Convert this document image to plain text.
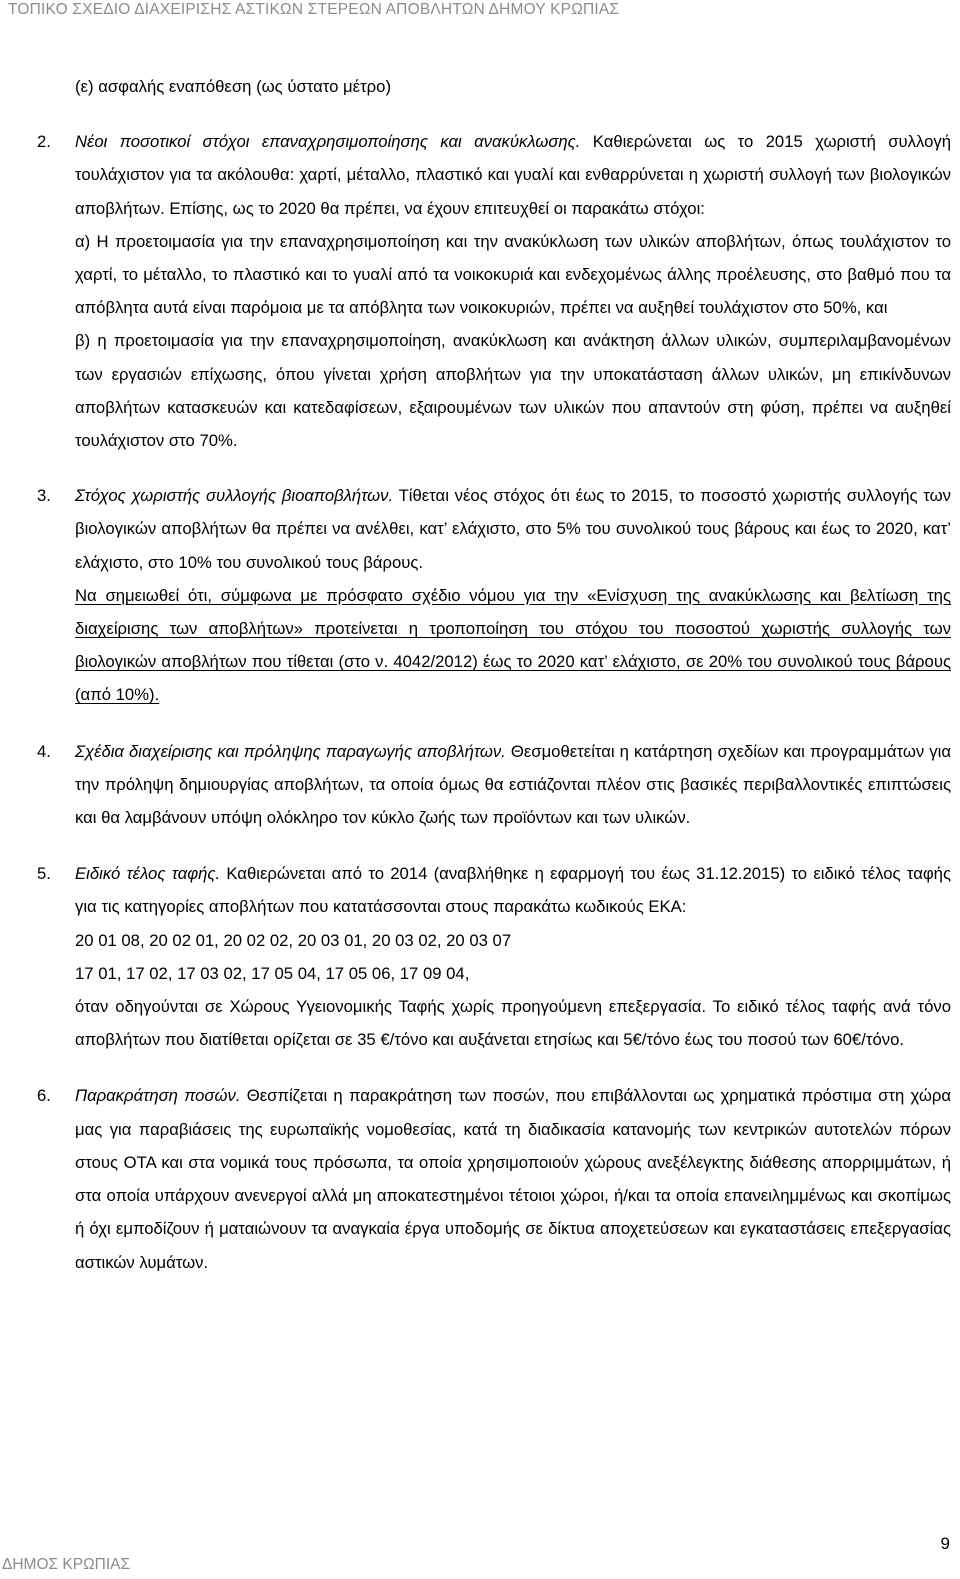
ΤΟΠΙΚΟ ΣΧΕΔΙΟ ΔΙΑΧΕΙΡΙΣΗΣ ΑΣΤΙΚΩΝ ΣΤΕΡΕΩΝ ΑΠΟΒΛΗΤΩΝ ΔΗΜΟΥ ΚΡΩΠΙΑΣ

(ε) ασφαλής εναπόθεση (ως ύστατο μέτρο)

2. Νέοι ποσοτικοί στόχοι επαναχρησιμοποίησης και ανακύκλωσης. Καθιερώνεται ως το 2015 χωριστή συλλογή τουλάχιστον για τα ακόλουθα: χαρτί, μέταλλο, πλαστικό και γυαλί και ενθαρρύνεται η χωριστή συλλογή των βιολογικών αποβλήτων. Επίσης, ως το 2020 θα πρέπει, να έχουν επιτευχθεί οι παρακάτω στόχοι:

α) Η προετοιμασία για την επαναχρησιμοποίηση και την ανακύκλωση των υλικών αποβλήτων, όπως τουλάχιστον το χαρτί, το μέταλλο, το πλαστικό και το γυαλί από τα νοικοκυριά και ενδεχομένως άλλης προέλευσης, στο βαθμό που τα απόβλητα αυτά είναι παρόμοια με τα απόβλητα των νοικοκυριών, πρέπει να αυξηθεί τουλάχιστον στο 50%, και

β) η προετοιμασία για την επαναχρησιμοποίηση, ανακύκλωση και ανάκτηση άλλων υλικών, συμπεριλαμβανομένων των εργασιών επίχωσης, όπου γίνεται χρήση αποβλήτων για την υποκατάσταση άλλων υλικών, μη επικίνδυνων αποβλήτων κατασκευών και κατεδαφίσεων, εξαιρουμένων των υλικών που απαντούν στη φύση, πρέπει να αυξηθεί τουλάχιστον στο 70%.

3. Στόχος χωριστής συλλογής βιοαποβλήτων. Τίθεται νέος στόχος ότι έως το 2015, το ποσοστό χωριστής συλλογής των βιολογικών αποβλήτων θα πρέπει να ανέλθει, κατ’ ελάχιστο, στο 5% του συνολικού τους βάρους και έως το 2020, κατ’ ελάχιστο, στο 10% του συνολικού τους βάρους.

Να σημειωθεί ότι, σύμφωνα με πρόσφατο σχέδιο νόμου για την «Ενίσχυση της ανακύκλωσης και βελτίωση της διαχείρισης των αποβλήτων» προτείνεται η τροποποίηση του στόχου του ποσοστού χωριστής συλλογής των βιολογικών αποβλήτων που τίθεται (στο ν. 4042/2012) έως το 2020 κατ’ ελάχιστο, σε 20% του συνολικού τους βάρους (από 10%).

4. Σχέδια διαχείρισης και πρόληψης παραγωγής αποβλήτων. Θεσμοθετείται η κατάρτηση σχεδίων και προγραμμάτων για την πρόληψη δημιουργίας αποβλήτων, τα οποία όμως θα εστιάζονται πλέον στις βασικές περιβαλλοντικές επιπτώσεις και θα λαμβάνουν υπόψη ολόκληρο τον κύκλο ζωής των προϊόντων και των υλικών.

5. Ειδικό τέλος ταφής. Καθιερώνεται από το 2014 (αναβλήθηκε η εφαρμογή του έως 31.12.2015) το ειδικό τέλος ταφής για τις κατηγορίες αποβλήτων που κατατάσσονται στους παρακάτω κωδικούς ΕΚΑ:

20 01 08, 20 02 01, 20 02 02, 20 03 01, 20 03 02, 20 03 07

17 01, 17 02, 17 03 02, 17 05 04, 17 05 06, 17 09 04,

όταν οδηγούνται σε Χώρους Υγειονομικής Ταφής χωρίς προηγούμενη επεξεργασία. Το ειδικό τέλος ταφής ανά τόνο αποβλήτων που διατίθεται ορίζεται σε 35 €/τόνο και αυξάνεται ετησίως και 5€/τόνο έως του ποσού των 60€/τόνο.

6. Παρακράτηση ποσών. Θεσπίζεται η παρακράτηση των ποσών, που επιβάλλονται ως χρηματικά πρόστιμα στη χώρα μας για παραβιάσεις της ευρωπαϊκής νομοθεσίας, κατά τη διαδικασία κατανομής των κεντρικών αυτοτελών πόρων στους ΟΤΑ και στα νομικά τους πρόσωπα, τα οποία χρησιμοποιούν χώρους ανεξέλεγκτης διάθεσης απορριμμάτων, ή στα οποία υπάρχουν ανενεργοί αλλά μη αποκατεστημένοι τέτοιοι χώροι, ή/και τα οποία επανειλημμένως και σκοπίμως ή όχι εμποδίζουν ή ματαιώνουν τα αναγκαία έργα υποδομής σε δίκτυα αποχετεύσεων και εγκαταστάσεις επεξεργασίας αστικών λυμάτων.

9
ΔΗΜΟΣ ΚΡΩΠΙΑΣ
